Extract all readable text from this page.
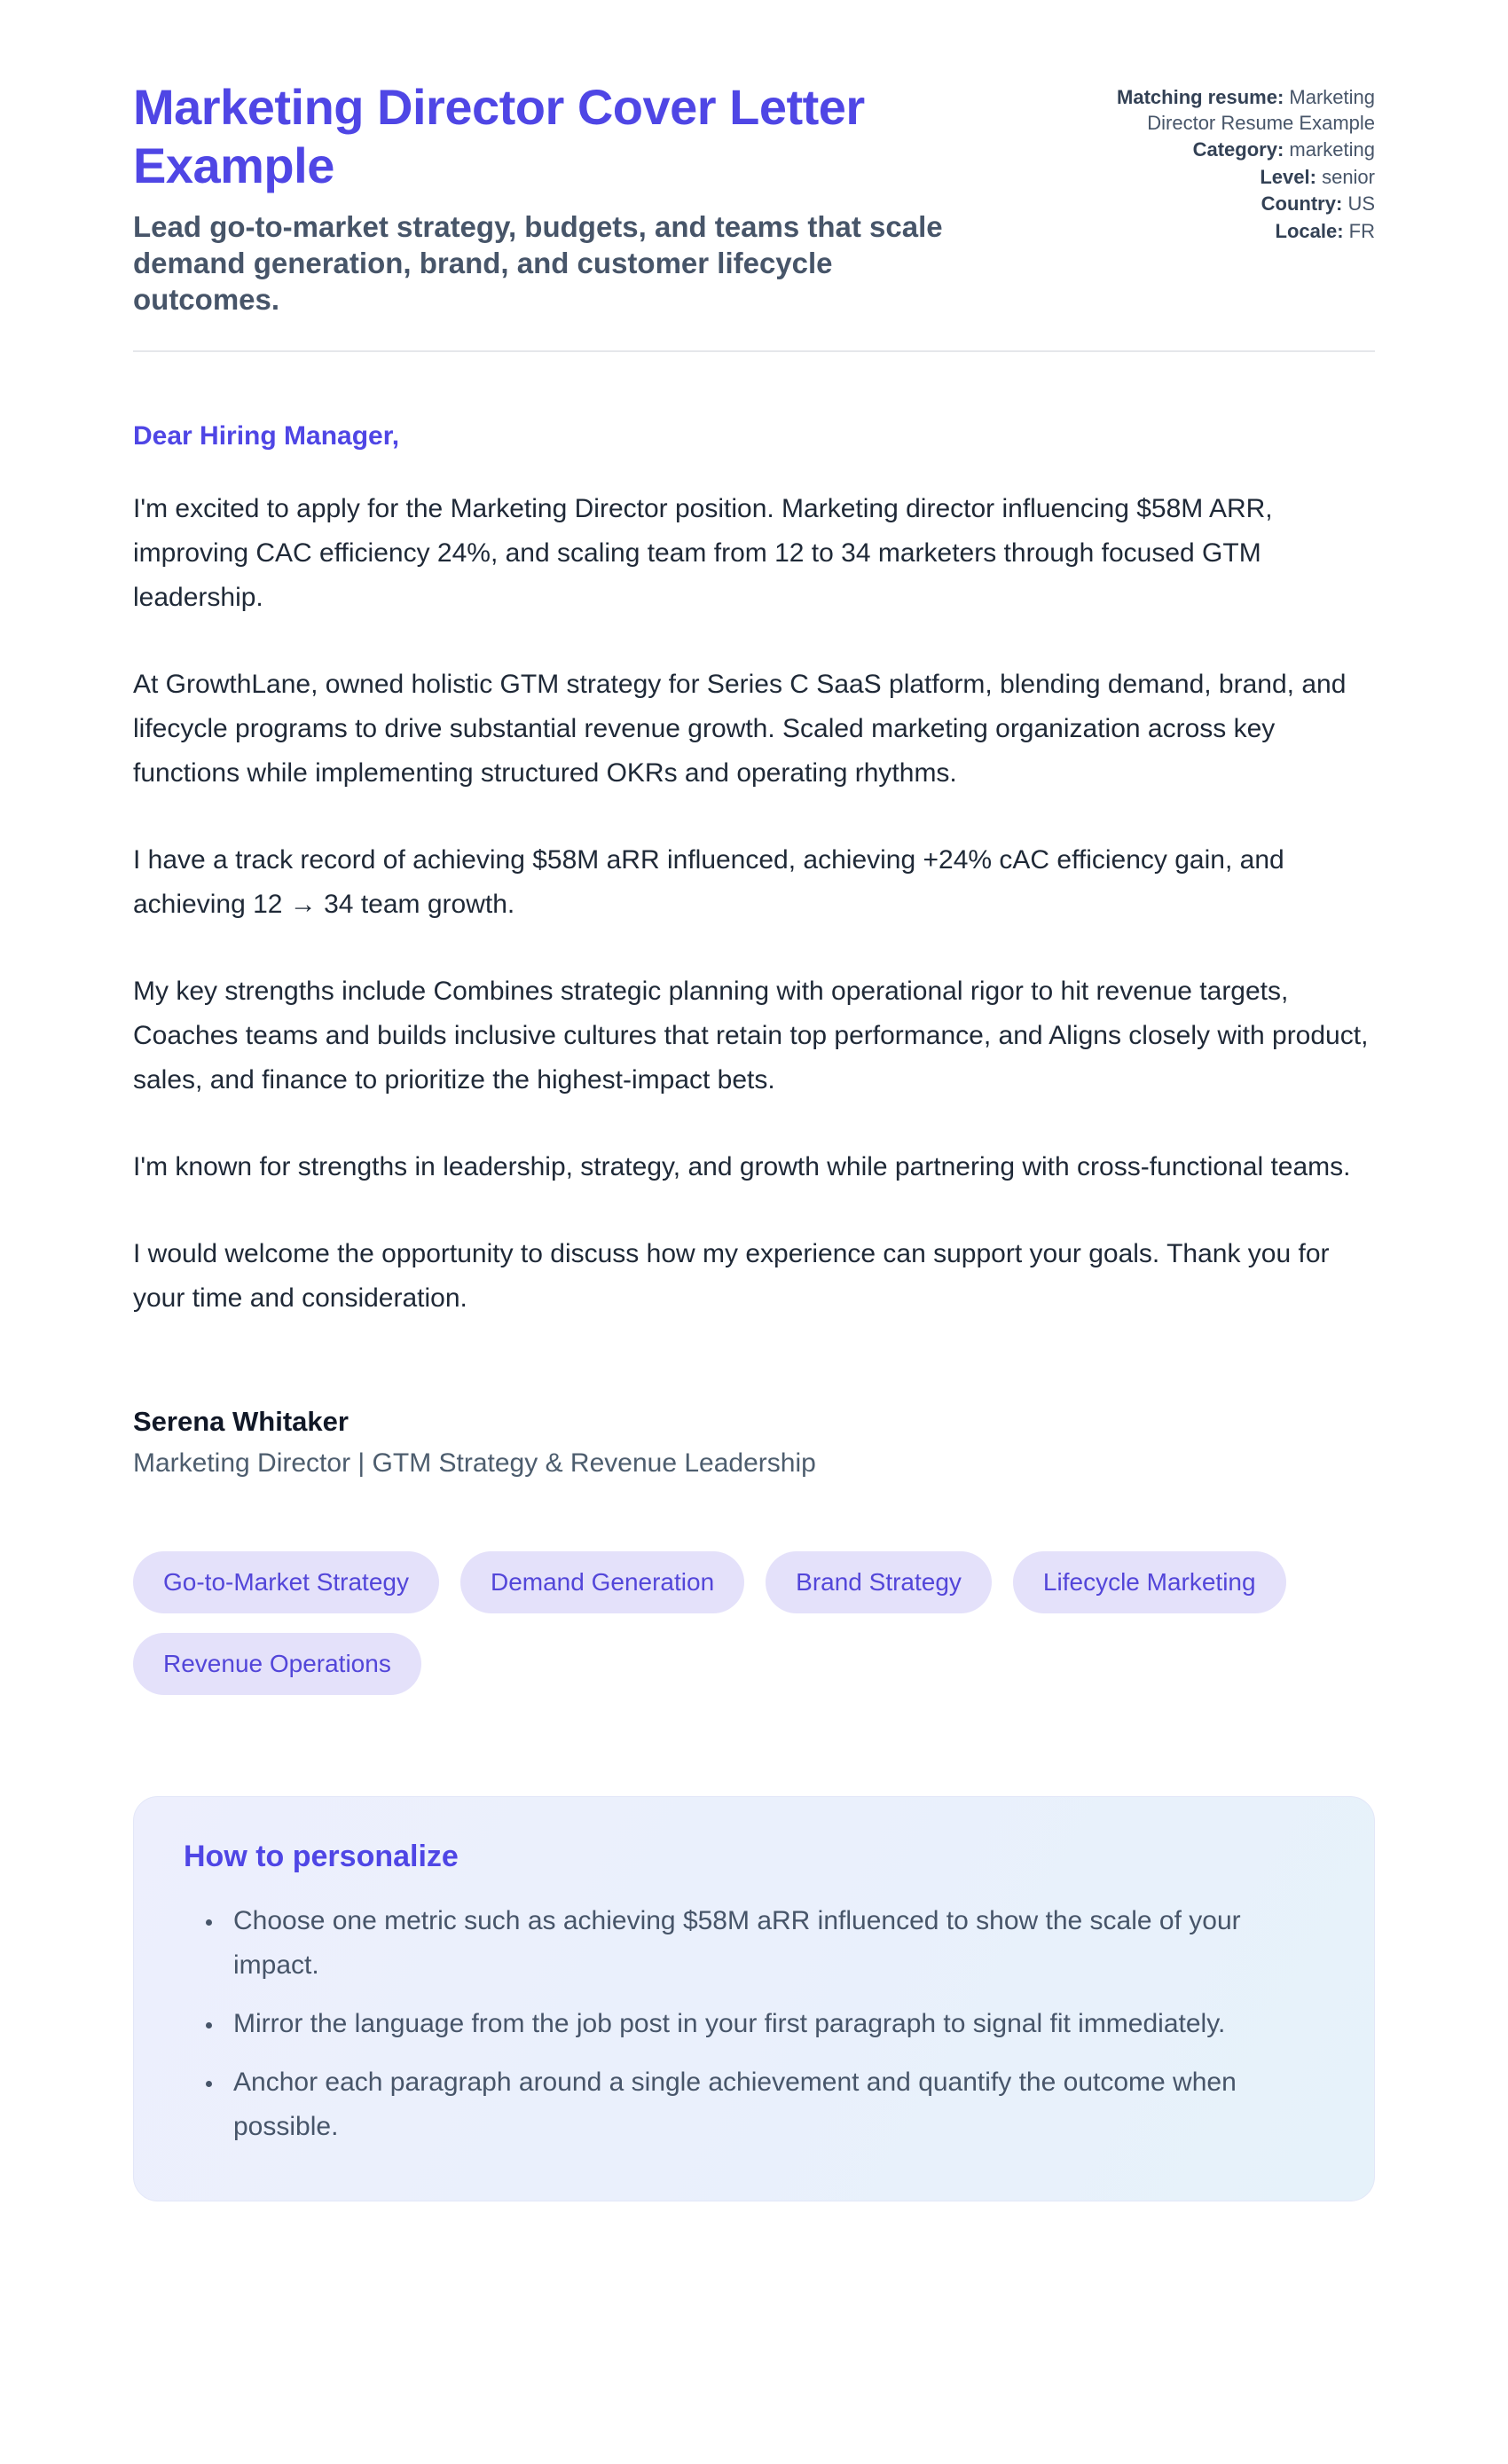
Marketing Director Cover Letter Example

Lead go-to-market strategy, budgets, and teams that scale demand generation, brand, and customer lifecycle outcomes.

Matching resume: Marketing Director Resume Example
Category: marketing
Level: senior
Country: US
Locale: FR

Dear Hiring Manager,

I'm excited to apply for the Marketing Director position. Marketing director influencing $58M ARR, improving CAC efficiency 24%, and scaling team from 12 to 34 marketers through focused GTM leadership.

At GrowthLane, owned holistic GTM strategy for Series C SaaS platform, blending demand, brand, and lifecycle programs to drive substantial revenue growth. Scaled marketing organization across key functions while implementing structured OKRs and operating rhythms.

I have a track record of achieving $58M aRR influenced, achieving +24% cAC efficiency gain, and achieving 12 → 34 team growth.

My key strengths include Combines strategic planning with operational rigor to hit revenue targets, Coaches teams and builds inclusive cultures that retain top performance, and Aligns closely with product, sales, and finance to prioritize the highest-impact bets.

I'm known for strengths in leadership, strategy, and growth while partnering with cross-functional teams.

I would welcome the opportunity to discuss how my experience can support your goals. Thank you for your time and consideration.

Serena Whitaker

Marketing Director | GTM Strategy & Revenue Leadership

Go-to-Market Strategy	Demand Generation	Brand Strategy	Lifecycle Marketing
Revenue Operations
How to personalize
• Choose one metric such as achieving $58M aRR influenced to show the scale of your impact.
• Mirror the language from the job post in your first paragraph to signal fit immediately.
• Anchor each paragraph around a single achievement and quantify the outcome when possible.
